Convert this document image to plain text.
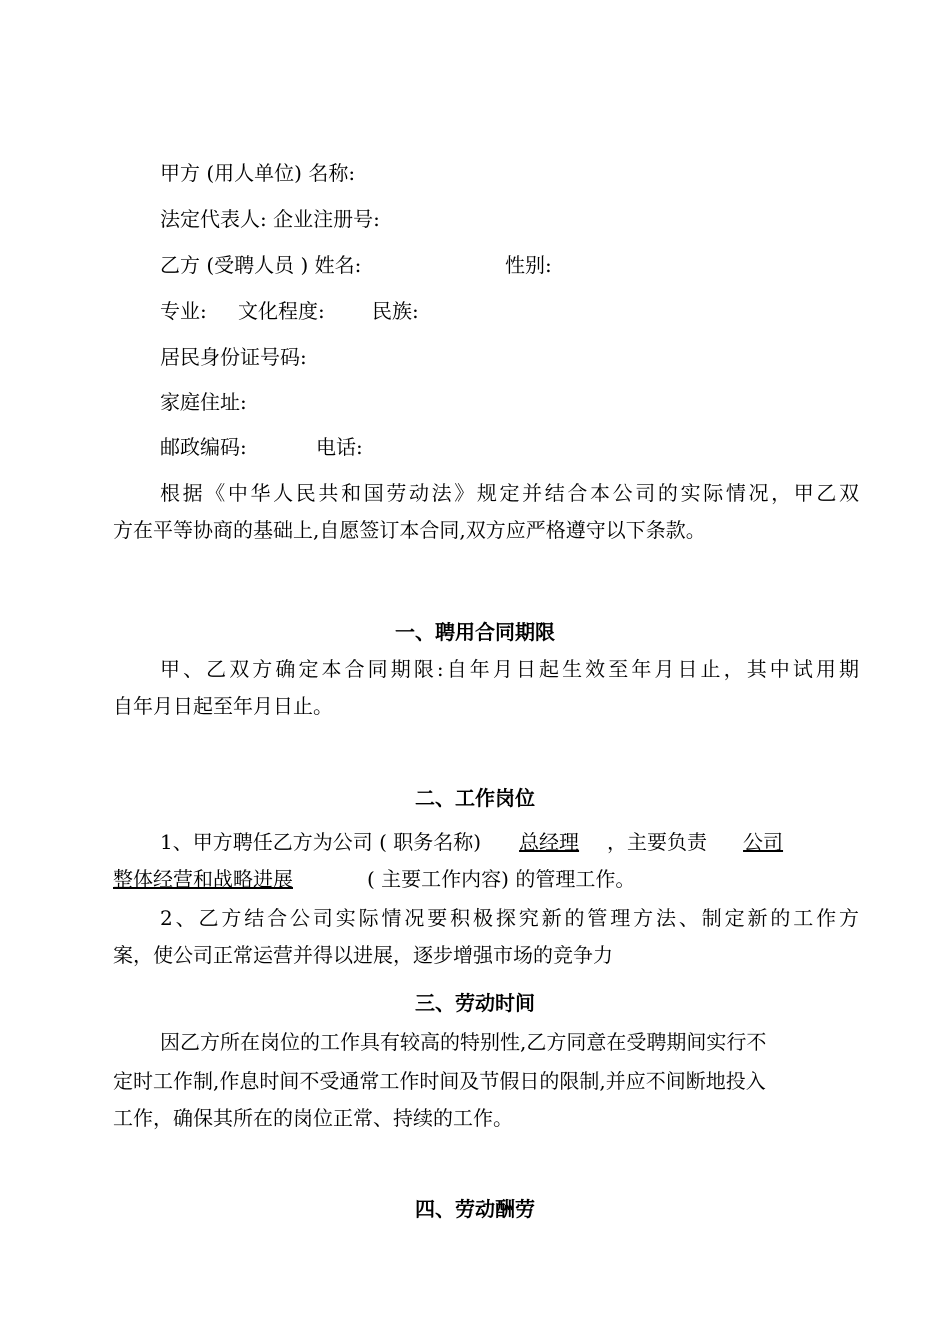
甲方 (用人单位) 名称:
法定代表人: 企业注册号:
乙方 (受聘人员 ) 姓名:	性别:
专业: 文化程度: 民族:
居民身份证号码:
家庭住址:
邮政编码:	电话:
根据《中华人民共和国劳动法》规定并结合本公司的实际情况，甲乙双
方在平等协商的基础上,自愿签订本合同,双方应严格遵守以下条款。
一、聘用合同期限
甲、乙双方确定本合同期限:自年月日起生效至年月日止，其中试用期
自年月日起至年月日止。
二、工作岗位
1、甲方聘任乙方为公司 ( 职务名称) 总经理 ，主要负责 公司
整体经营和战略进展	( 主要工作内容) 的管理工作。
2、乙方结合公司实际情况要积极探究新的管理方法、制定新的工作方
案，使公司正常运营并得以进展，逐步增强市场的竞争力
三、劳动时间
因乙方所在岗位的工作具有较高的特别性,乙方同意在受聘期间实行不
定时工作制,作息时间不受通常工作时间及节假日的限制,并应不间断地投入
工作，确保其所在的岗位正常、持续的工作。
四、劳动酬劳
